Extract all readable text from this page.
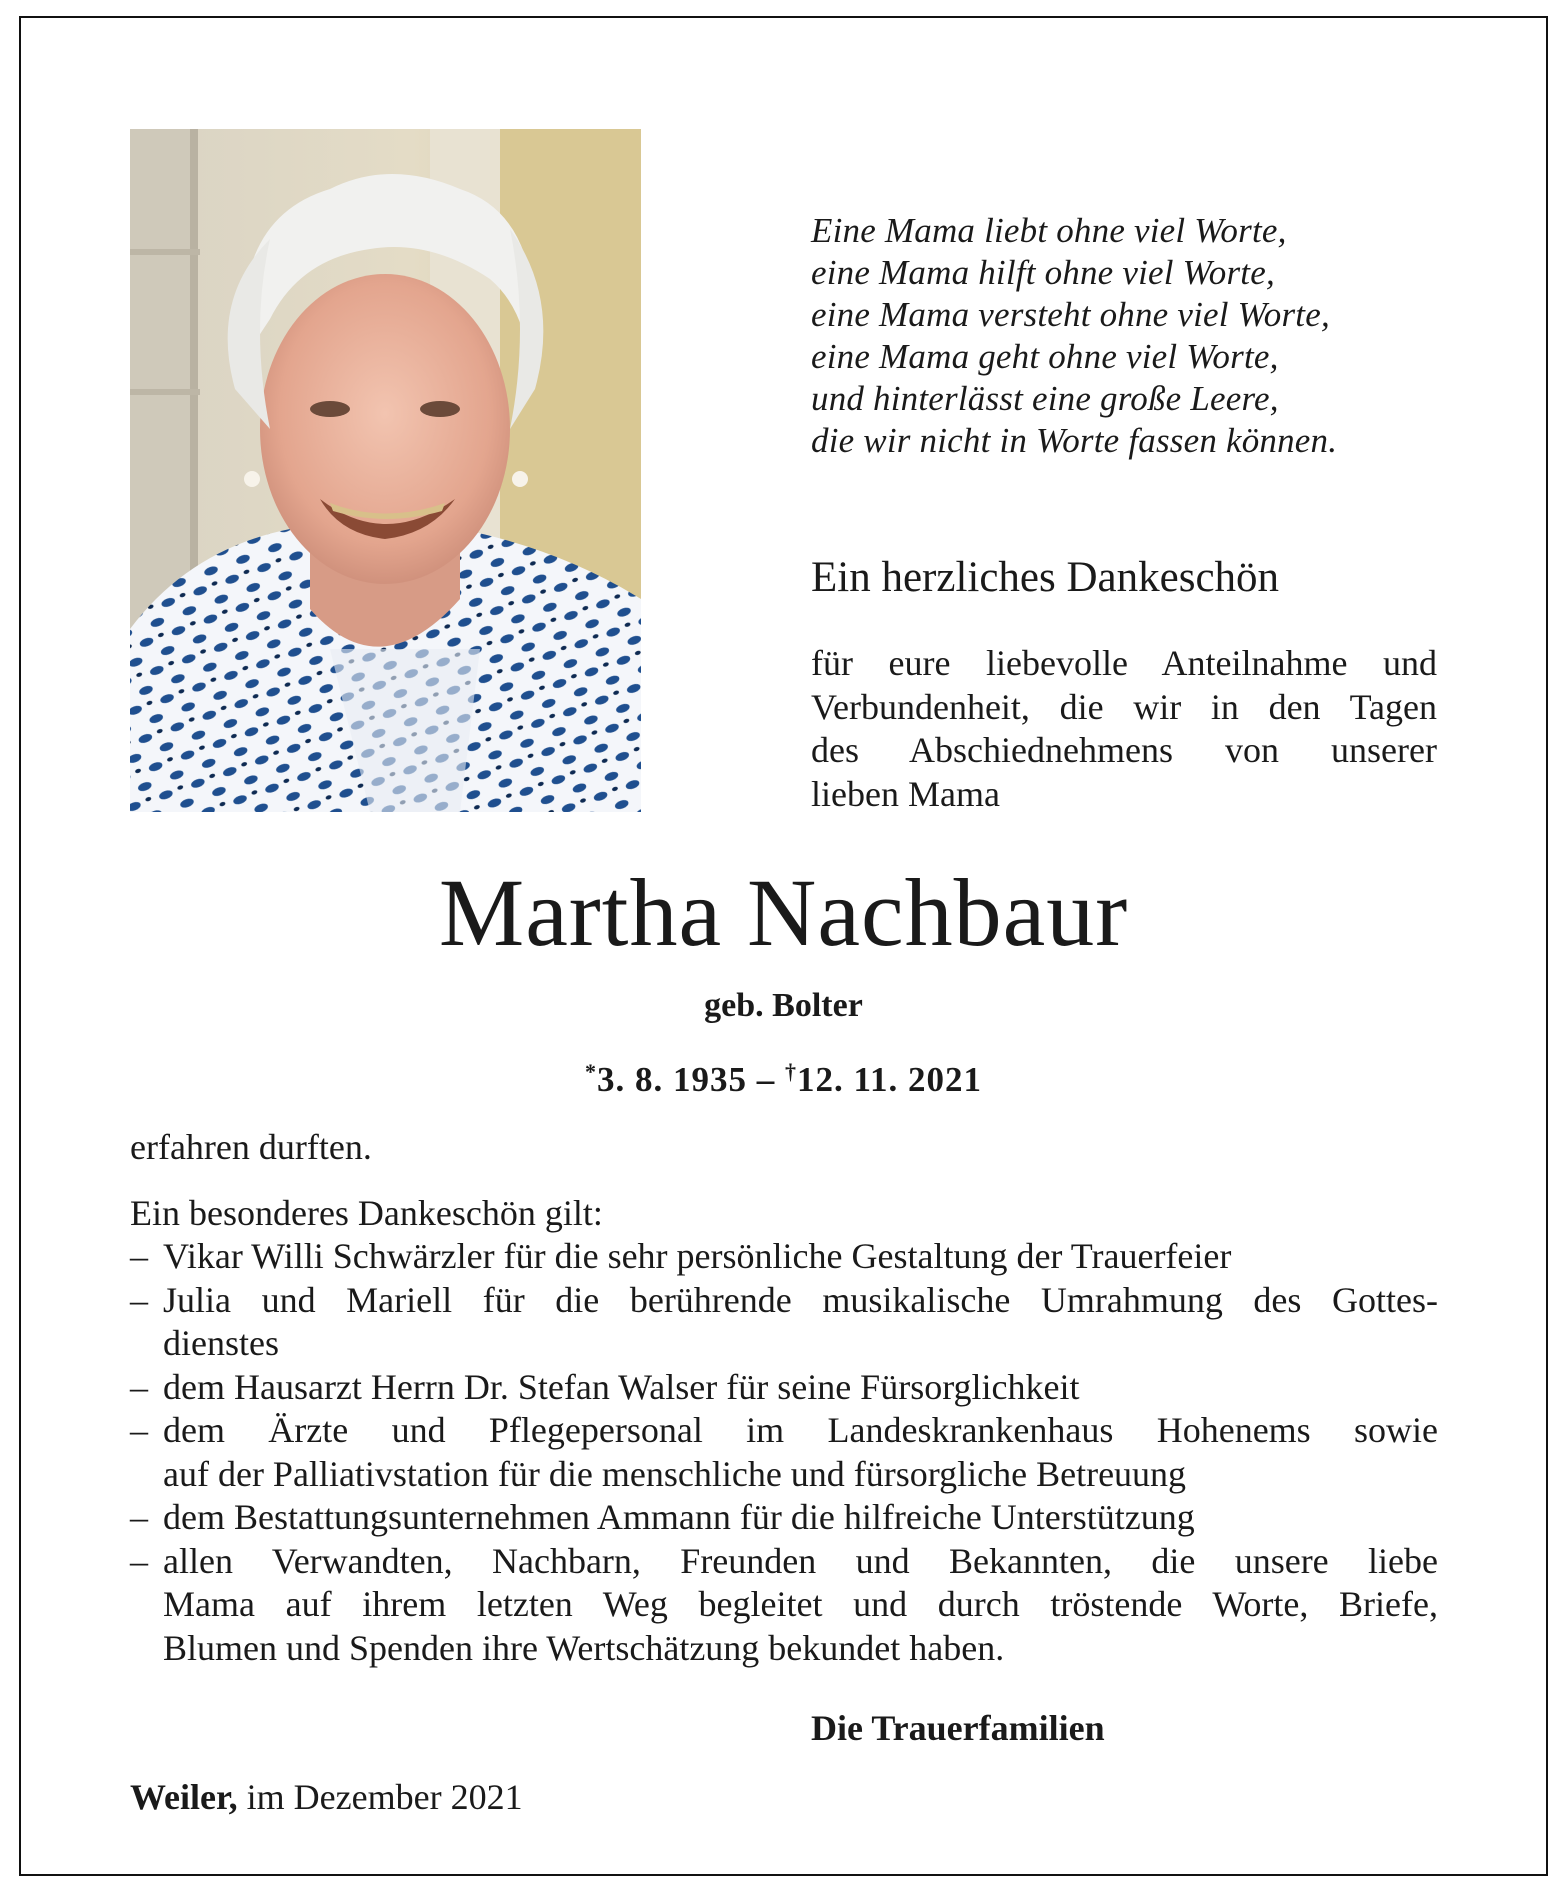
Eine Mama liebt ohne viel Worte,
eine Mama hilft ohne viel Worte,
eine Mama versteht ohne viel Worte,
eine Mama geht ohne viel Worte,
und hinterlässt eine große Leere,
die wir nicht in Worte fassen können.
Ein herzliches Dankeschön
für eure liebevolle Anteilnahme und
Verbundenheit, die wir in den Tagen
des Abschiednehmens von unserer
lieben Mama
Martha Nachbaur
geb. Bolter
*3. 8. 1935 – †12. 11. 2021
erfahren durften.
Ein besonderes Dankeschön gilt:
– Vikar Willi Schwärzler für die sehr persönliche Gestaltung der Trauerfeier
– Julia und Mariell für die berührende musikalische Umrahmung des Gottes-
dienstes
– dem Hausarzt Herrn Dr. Stefan Walser für seine Fürsorglichkeit
– dem Ärzte und Pflegepersonal im Landeskrankenhaus Hohenems sowie
auf der Palliativstation für die menschliche und fürsorgliche Betreuung
– dem Bestattungsunternehmen Ammann für die hilfreiche Unterstützung
– allen Verwandten, Nachbarn, Freunden und Bekannten, die unsere liebe
Mama auf ihrem letzten Weg begleitet und durch tröstende Worte, Briefe,
Blumen und Spenden ihre Wertschätzung bekundet haben.
Die Trauerfamilien
Weiler, im Dezember 2021
